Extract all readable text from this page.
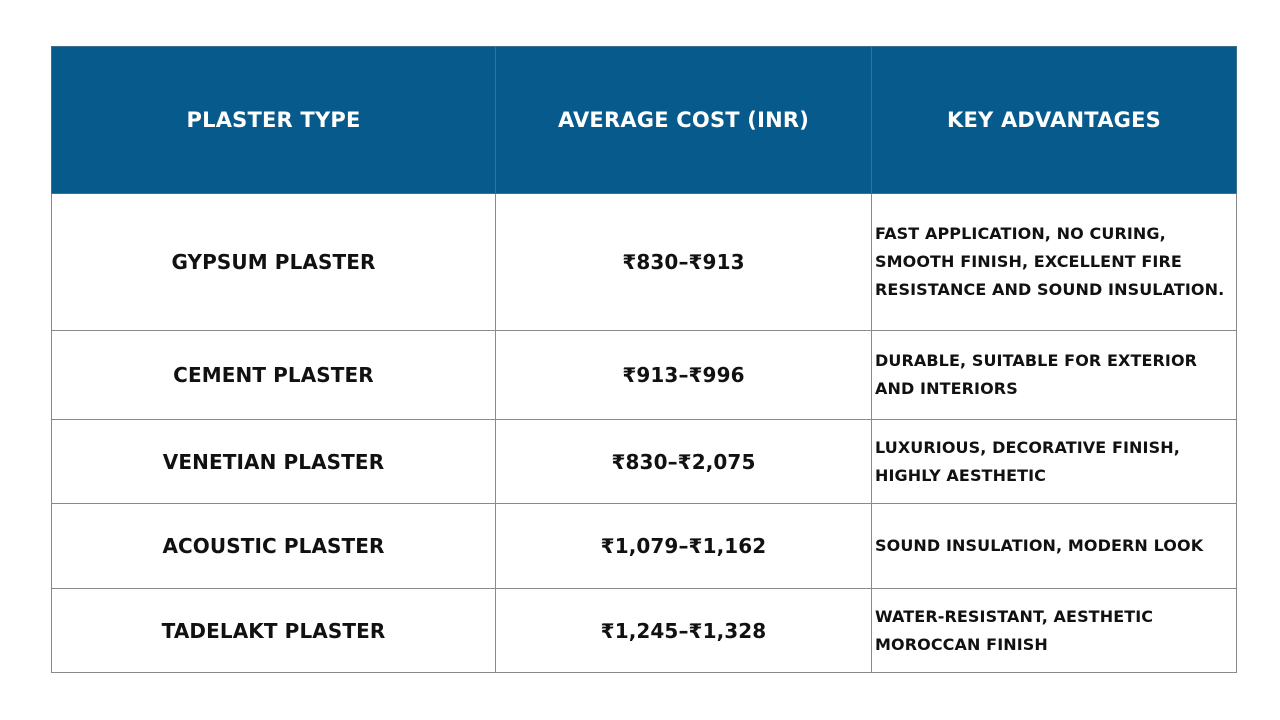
PLASTER TYPE	AVERAGE COST (INR)	KEY ADVANTAGES
GYPSUM PLASTER	₹830–₹913	FAST APPLICATION, NO CURING, SMOOTH FINISH, EXCELLENT FIRE RESISTANCE AND SOUND INSULATION.
CEMENT PLASTER	₹913–₹996	DURABLE, SUITABLE FOR EXTERIOR AND INTERIORS
VENETIAN PLASTER	₹830–₹2,075	LUXURIOUS, DECORATIVE FINISH, HIGHLY AESTHETIC
ACOUSTIC PLASTER	₹1,079–₹1,162	SOUND INSULATION, MODERN LOOK
TADELAKT PLASTER	₹1,245–₹1,328	WATER-RESISTANT, AESTHETIC MOROCCAN FINISH
